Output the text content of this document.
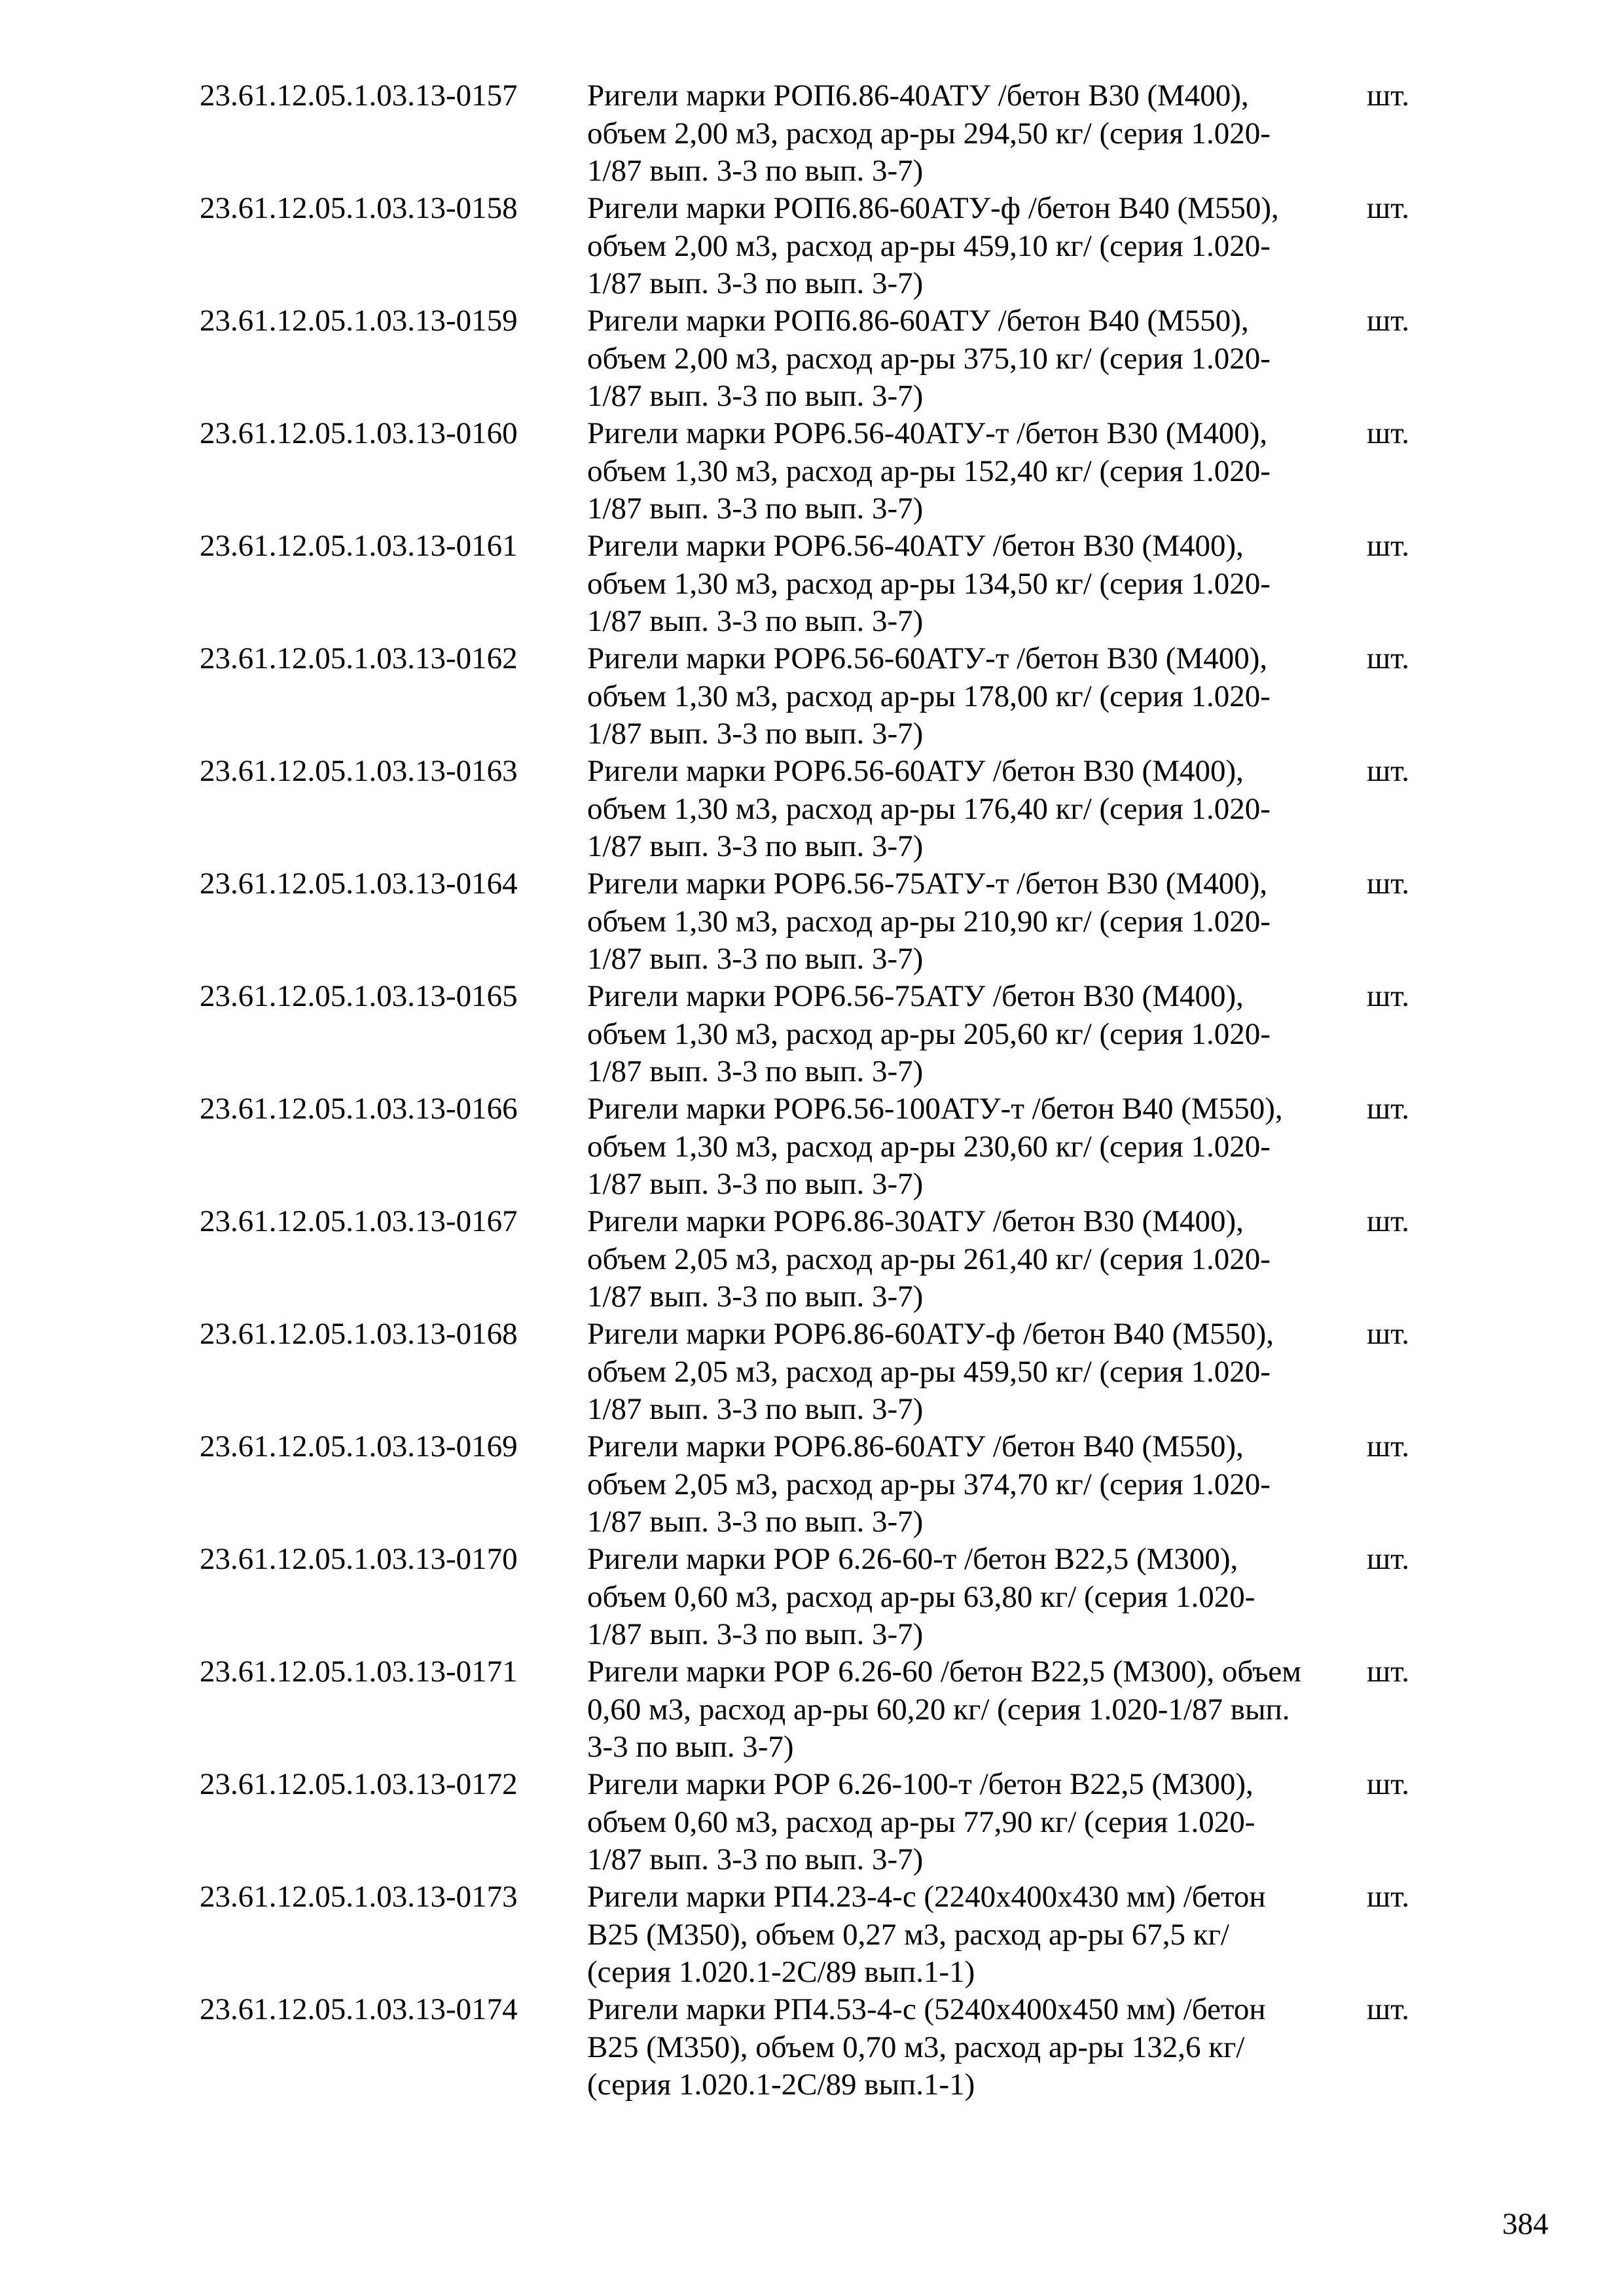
23.61.12.05.1.03.13-0157 Ригели марки РОП6.86-40АТУ /бетон В30 (М400),
объем 2,00 м3, расход ар-ры 294,50 кг/ (серия 1.020-
1/87 вып. 3-3 по вып. 3-7)
шт.
23.61.12.05.1.03.13-0158 Ригели марки РОП6.86-60АТУ-ф /бетон В40 (М550),
объем 2,00 м3, расход ар-ры 459,10 кг/ (серия 1.020-
1/87 вып. 3-3 по вып. 3-7)
шт.
23.61.12.05.1.03.13-0159 Ригели марки РОП6.86-60АТУ /бетон В40 (М550),
объем 2,00 м3, расход ар-ры 375,10 кг/ (серия 1.020-
1/87 вып. 3-3 по вып. 3-7)
шт.
23.61.12.05.1.03.13-0160 Ригели марки РОР6.56-40АТУ-т /бетон В30 (М400),
объем 1,30 м3, расход ар-ры 152,40 кг/ (серия 1.020-
1/87 вып. 3-3 по вып. 3-7)
шт.
23.61.12.05.1.03.13-0161 Ригели марки РОР6.56-40АТУ /бетон В30 (М400),
объем 1,30 м3, расход ар-ры 134,50 кг/ (серия 1.020-
1/87 вып. 3-3 по вып. 3-7)
шт.
23.61.12.05.1.03.13-0162 Ригели марки РОР6.56-60АТУ-т /бетон В30 (М400),
объем 1,30 м3, расход ар-ры 178,00 кг/ (серия 1.020-
1/87 вып. 3-3 по вып. 3-7)
шт.
23.61.12.05.1.03.13-0163 Ригели марки РОР6.56-60АТУ /бетон В30 (М400),
объем 1,30 м3, расход ар-ры 176,40 кг/ (серия 1.020-
1/87 вып. 3-3 по вып. 3-7)
шт.
23.61.12.05.1.03.13-0164 Ригели марки РОР6.56-75АТУ-т /бетон В30 (М400),
объем 1,30 м3, расход ар-ры 210,90 кг/ (серия 1.020-
1/87 вып. 3-3 по вып. 3-7)
шт.
23.61.12.05.1.03.13-0165 Ригели марки РОР6.56-75АТУ /бетон В30 (М400),
объем 1,30 м3, расход ар-ры 205,60 кг/ (серия 1.020-
1/87 вып. 3-3 по вып. 3-7)
шт.
23.61.12.05.1.03.13-0166 Ригели марки РОР6.56-100АТУ-т /бетон В40 (М550),
объем 1,30 м3, расход ар-ры 230,60 кг/ (серия 1.020-
1/87 вып. 3-3 по вып. 3-7)
шт.
23.61.12.05.1.03.13-0167 Ригели марки РОР6.86-30АТУ /бетон В30 (М400),
объем 2,05 м3, расход ар-ры 261,40 кг/ (серия 1.020-
1/87 вып. 3-3 по вып. 3-7)
шт.
23.61.12.05.1.03.13-0168 Ригели марки РОР6.86-60АТУ-ф /бетон В40 (М550),
объем 2,05 м3, расход ар-ры 459,50 кг/ (серия 1.020-
1/87 вып. 3-3 по вып. 3-7)
шт.
23.61.12.05.1.03.13-0169 Ригели марки РОР6.86-60АТУ /бетон В40 (М550),
объем 2,05 м3, расход ар-ры 374,70 кг/ (серия 1.020-
1/87 вып. 3-3 по вып. 3-7)
шт.
23.61.12.05.1.03.13-0170 Ригели марки РОР 6.26-60-т /бетон В22,5 (М300),
объем 0,60 м3, расход ар-ры 63,80 кг/ (серия 1.020-
1/87 вып. 3-3 по вып. 3-7)
шт.
23.61.12.05.1.03.13-0171 Ригели марки РОР 6.26-60 /бетон В22,5 (М300), объем
0,60 м3, расход ар-ры 60,20 кг/ (серия 1.020-1/87 вып.
3-3 по вып. 3-7)
шт.
23.61.12.05.1.03.13-0172 Ригели марки РОР 6.26-100-т /бетон В22,5 (М300),
объем 0,60 м3, расход ар-ры 77,90 кг/ (серия 1.020-
1/87 вып. 3-3 по вып. 3-7)
шт.
23.61.12.05.1.03.13-0173 Ригели марки РП4.23-4-с (2240х400х430 мм) /бетон
В25 (М350), объем 0,27 м3, расход ар-ры 67,5 кг/
(серия 1.020.1-2С/89 вып.1-1)
шт.
23.61.12.05.1.03.13-0174 Ригели марки РП4.53-4-с (5240х400х450 мм) /бетон
В25 (М350), объем 0,70 м3, расход ар-ры 132,6 кг/
(серия 1.020.1-2С/89 вып.1-1)
шт.
384
